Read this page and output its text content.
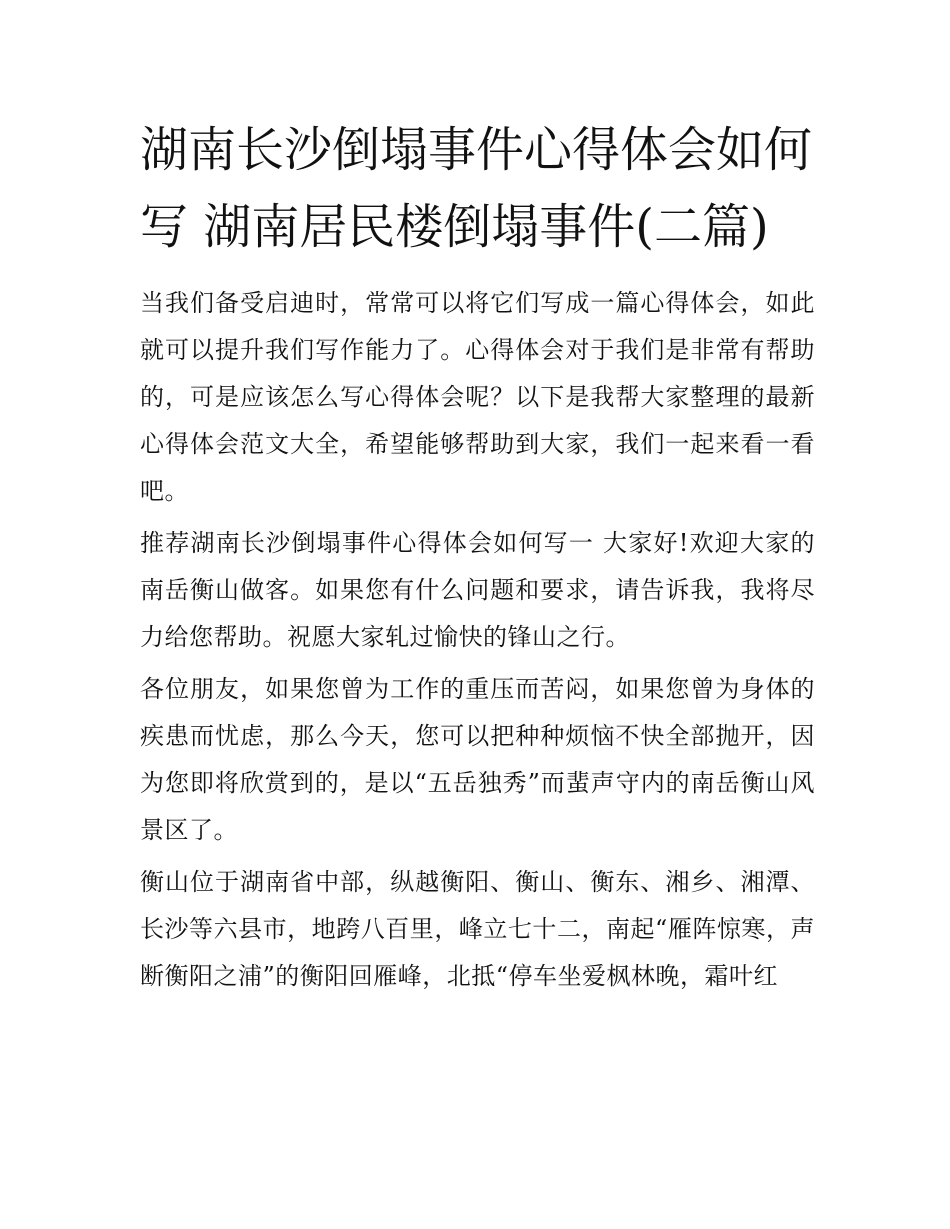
湖南长沙倒塌事件心得体会如何写 湖南居民楼倒塌事件(二篇)

当我们备受启迪时，常常可以将它们写成一篇心得体会，如此就可以提升我们写作能力了。心得体会对于我们是非常有帮助的，可是应该怎么写心得体会呢？以下是我帮大家整理的最新心得体会范文大全，希望能够帮助到大家，我们一起来看一看吧。

推荐湖南长沙倒塌事件心得体会如何写一 大家好!欢迎大家的南岳衡山做客。如果您有什么问题和要求，请告诉我，我将尽力给您帮助。祝愿大家轧过愉快的锋山之行。

各位朋友，如果您曾为工作的重压而苦闷，如果您曾为身体的疾患而忧虑，那么今天，您可以把种种烦恼不快全部抛开，因为您即将欣赏到的，是以“五岳独秀”而蜚声守内的南岳衡山风景区了。

衡山位于湖南省中部，纵越衡阳、衡山、衡东、湘乡、湘潭、长沙等六县市，地跨八百里，峰立七十二，南起“雁阵惊寒，声断衡阳之浦”的衡阳回雁峰，北抵“停车坐爱枫林晚，霜叶红
